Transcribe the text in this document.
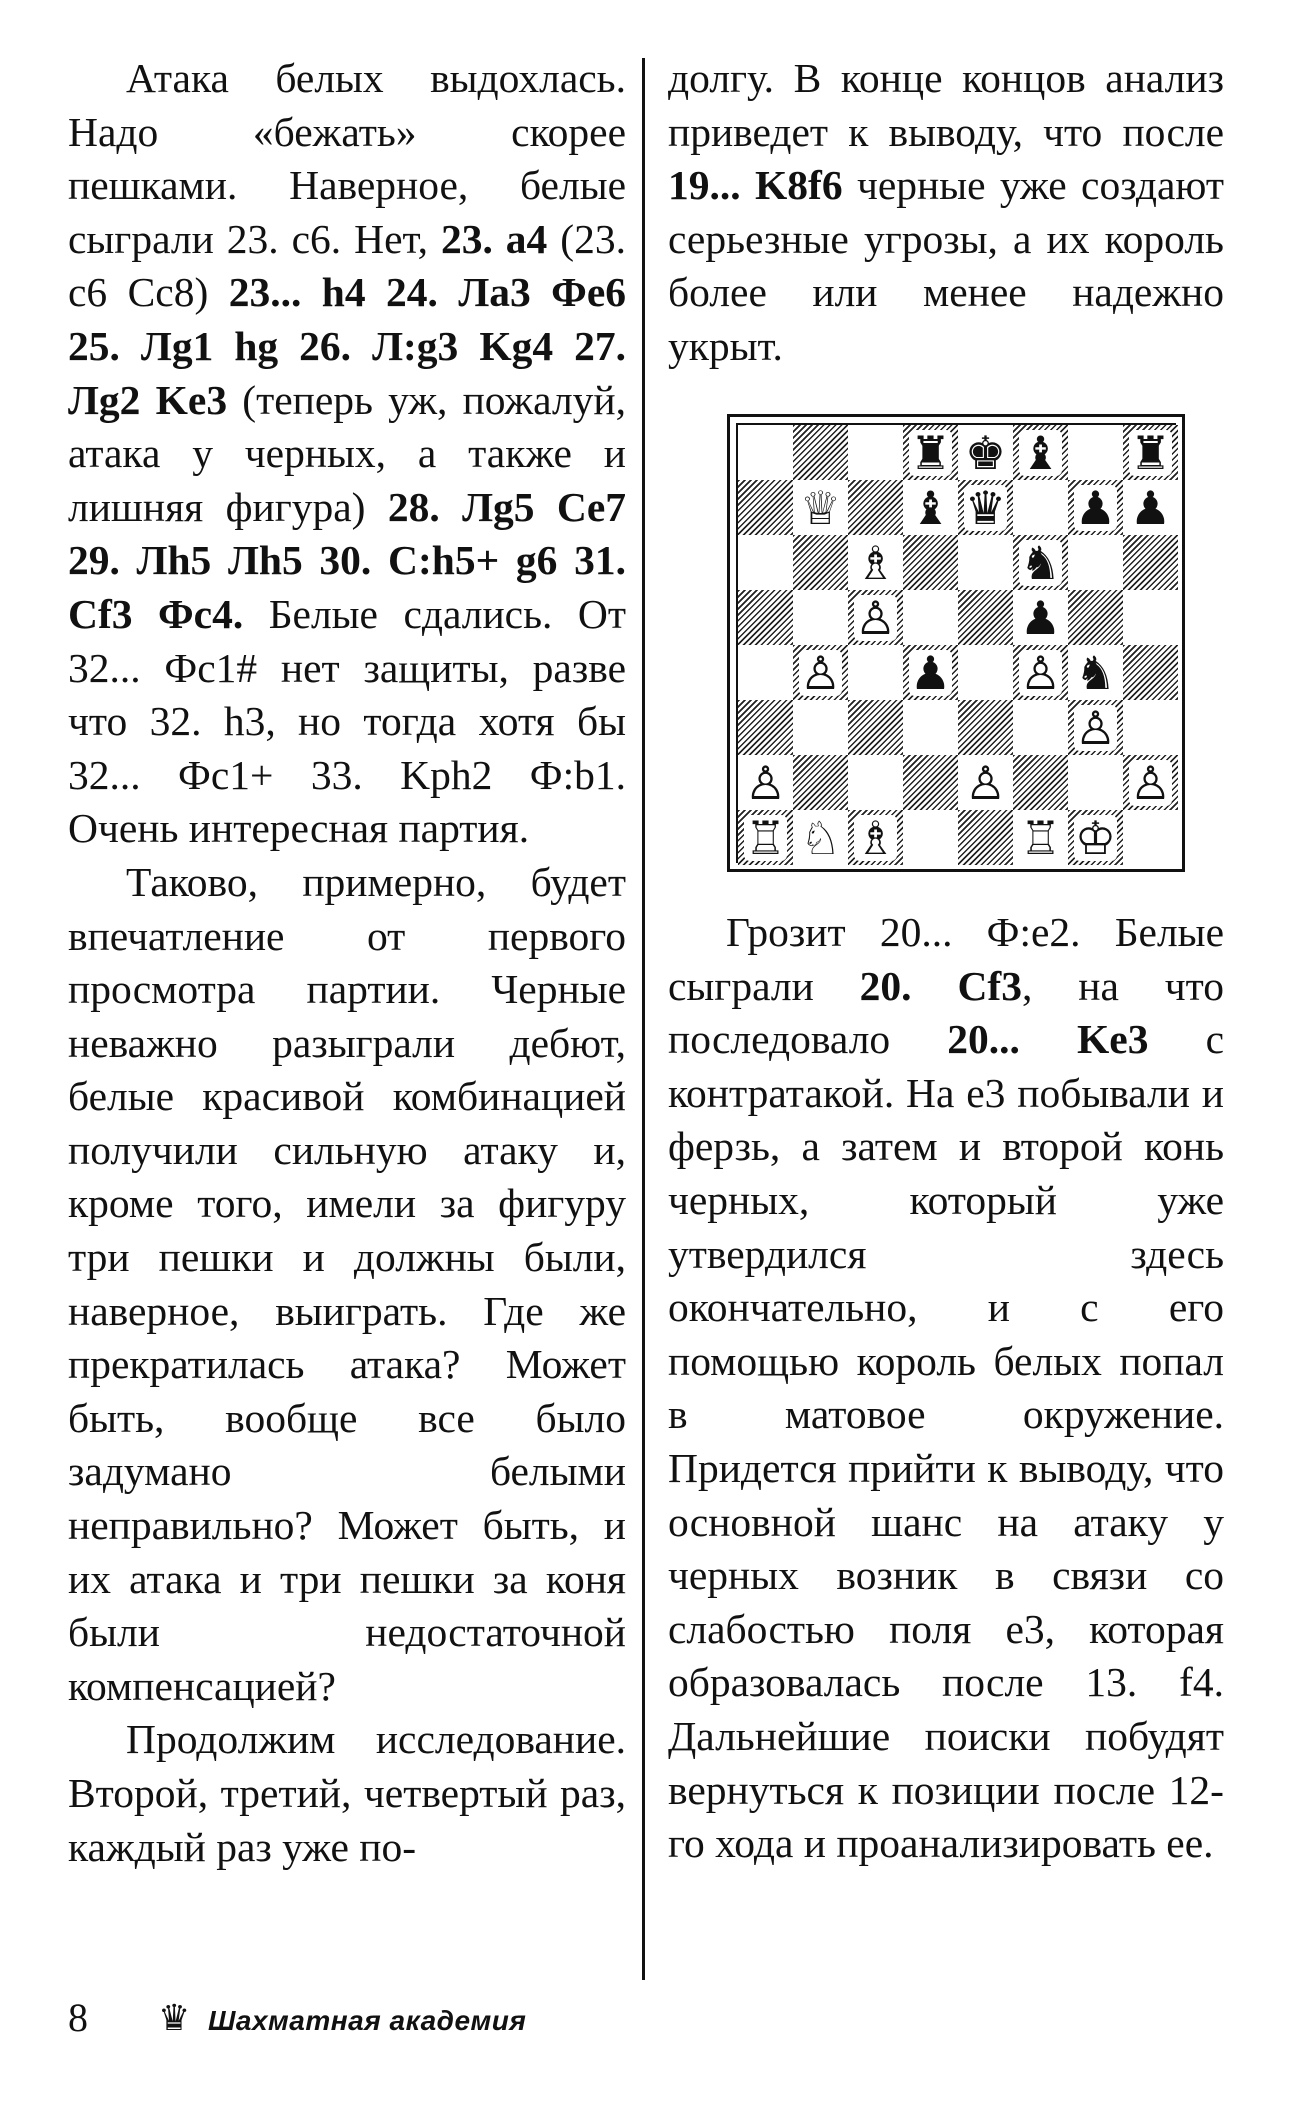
Атака белых выдохлась. Надо «бежать» скорее пешками. Наверное, белые сыграли 23. c6. Нет, 23. a4 (23. c6 Cc8) 23... h4 24. Ла3 Фе6 25. Лg1 hg 26. Л:g3 Kg4 27. Лg2 Ke3 (теперь уж, пожалуй, атака у черных, а также и лишняя фигура) 28. Лg5 Ce7 29. Лh5 Лh5 30. C:h5+ g6 31. Cf3 Фс4. Белые сдались. От 32... Фс1# нет защиты, разве что 32. h3, но тогда хотя бы 32... Фс1+ 33. Kph2 Ф:b1. Очень интересная партия.

Таково, примерно, будет впечатление от первого просмотра партии. Черные неважно разыграли дебют, белые красивой комбинацией получили сильную атаку и, кроме того, имели за фигуру три пешки и должны были, наверное, выиграть. Где же прекратилась атака? Может быть, вообще все было задумано белыми неправильно? Может быть, и их атака и три пешки за коня были недостаточной компенсацией?

Продолжим исследование. Второй, третий, четвертый раз, каждый раз уже по-

долгу. В конце концов анализ приведет к выводу, что после 19... K8f6 черные уже создают серьезные угрозы, а их король более или менее надежно укрыт.

♜ ♚ ♝ ♜
♕ ♝ ♛ ♟ ♟
♗	♞
♙	♟
♙ ♟ ♙ ♞
♙
♙	♙	♙
♖ ♘ ♗	♖ ♔

Грозит 20... Ф:e2. Белые сыграли 20. Cf3, на что последовало 20... Ke3 с контратакой. На e3 побывали и ферзь, а затем и второй конь черных, который уже утвердился здесь окончательно, и с его помощью король белых попал в матовое окружение. Придется прийти к выводу, что основной шанс на атаку у черных возник в связи со слабостью поля e3, которая образовалась после 13. f4. Дальнейшие поиски побудят вернуться к позиции после 12-го хода и проанализировать ее.

8 ♛ Шахматная академия
